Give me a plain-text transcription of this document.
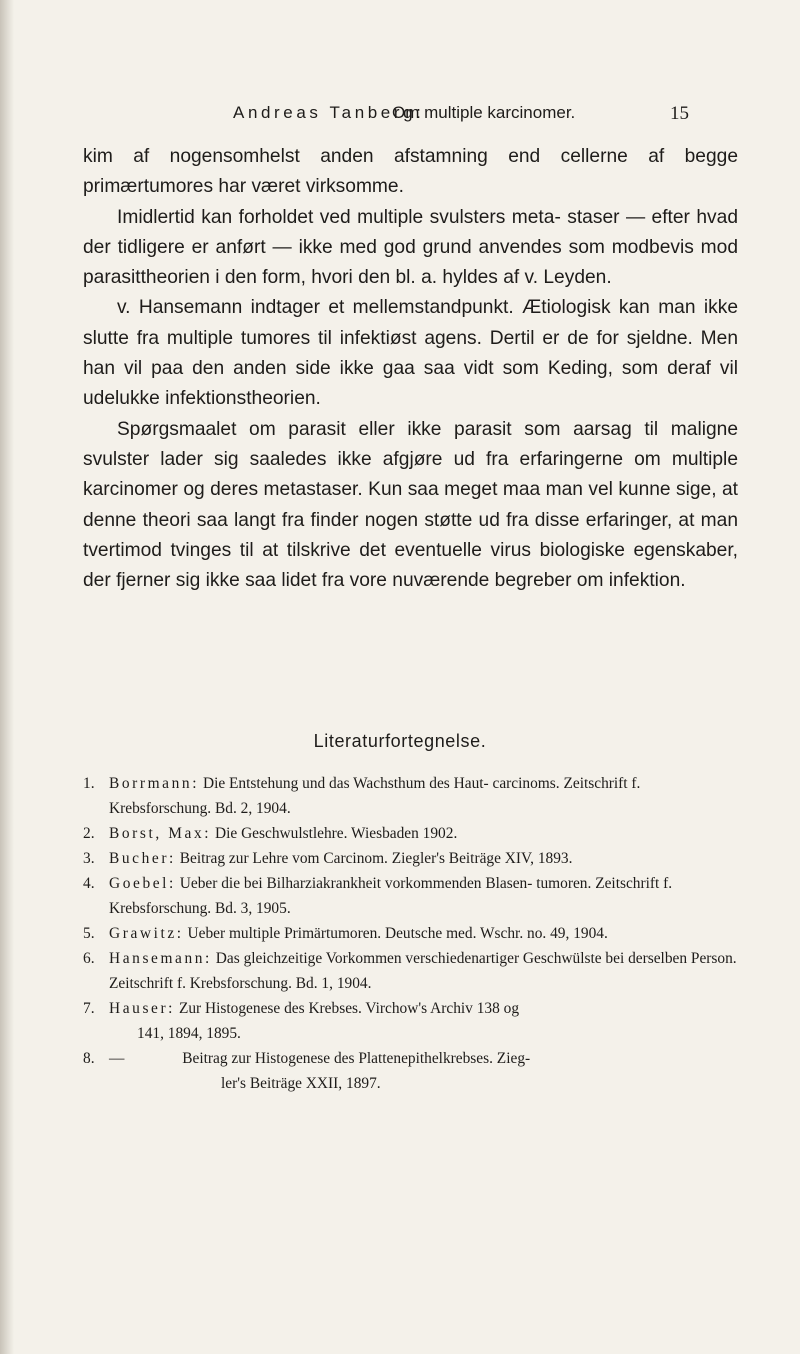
Andreas Tanberg:
Om multiple karcinomer.	15

kim af nogensomhelst anden afstamning end cellerne af begge primærtumores har været virksomme.

Imidlertid kan forholdet ved multiple svulsters meta- staser — efter hvad der tidligere er anført — ikke med god grund anvendes som modbevis mod parasittheorien i den form, hvori den bl. a. hyldes af v. Leyden.

v. Hansemann indtager et mellemstandpunkt. Ætiologisk kan man ikke slutte fra multiple tumores til infektiøst agens. Dertil er de for sjeldne. Men han vil paa den anden side ikke gaa saa vidt som Keding, som deraf vil udelukke infektionstheorien.

Spørgsmaalet om parasit eller ikke parasit som aarsag til maligne svulster lader sig saaledes ikke afgjøre ud fra erfaringerne om multiple karcinomer og deres metastaser. Kun saa meget maa man vel kunne sige, at denne theori saa langt fra finder nogen støtte ud fra disse erfaringer, at man tvertimod tvinges til at tilskrive det eventuelle virus biologiske egenskaber, der fjerner sig ikke saa lidet fra vore nuværende begreber om infektion.

Literaturfortegnelse.
1. Borrmann: Die Entstehung und das Wachsthum des Haut- carcinoms. Zeitschrift f. Krebsforschung. Bd. 2, 1904.
2. Borst, Max: Die Geschwulstlehre. Wiesbaden 1902.
3. Bucher: Beitrag zur Lehre vom Carcinom. Ziegler's Beiträge XIV, 1893.
4. Goebel: Ueber die bei Bilharziakrankheit vorkommenden Blasen- tumoren. Zeitschrift f. Krebsforschung. Bd. 3, 1905.
5. Grawitz: Ueber multiple Primärtumoren. Deutsche med. Wschr. no. 49, 1904.
6. Hansemann: Das gleichzeitige Vorkommen verschiedenartiger Geschwülste bei derselben Person. Zeitschrift f. Krebsforschung. Bd. 1, 1904.
7. Hauser: Zur Histogenese des Krebses. Virchow's Archiv 138 og
141, 1894, 1895.
8. —	Beitrag zur Histogenese des Plattenepithelkrebses. Zieg-
ler's Beiträge XXII, 1897.
